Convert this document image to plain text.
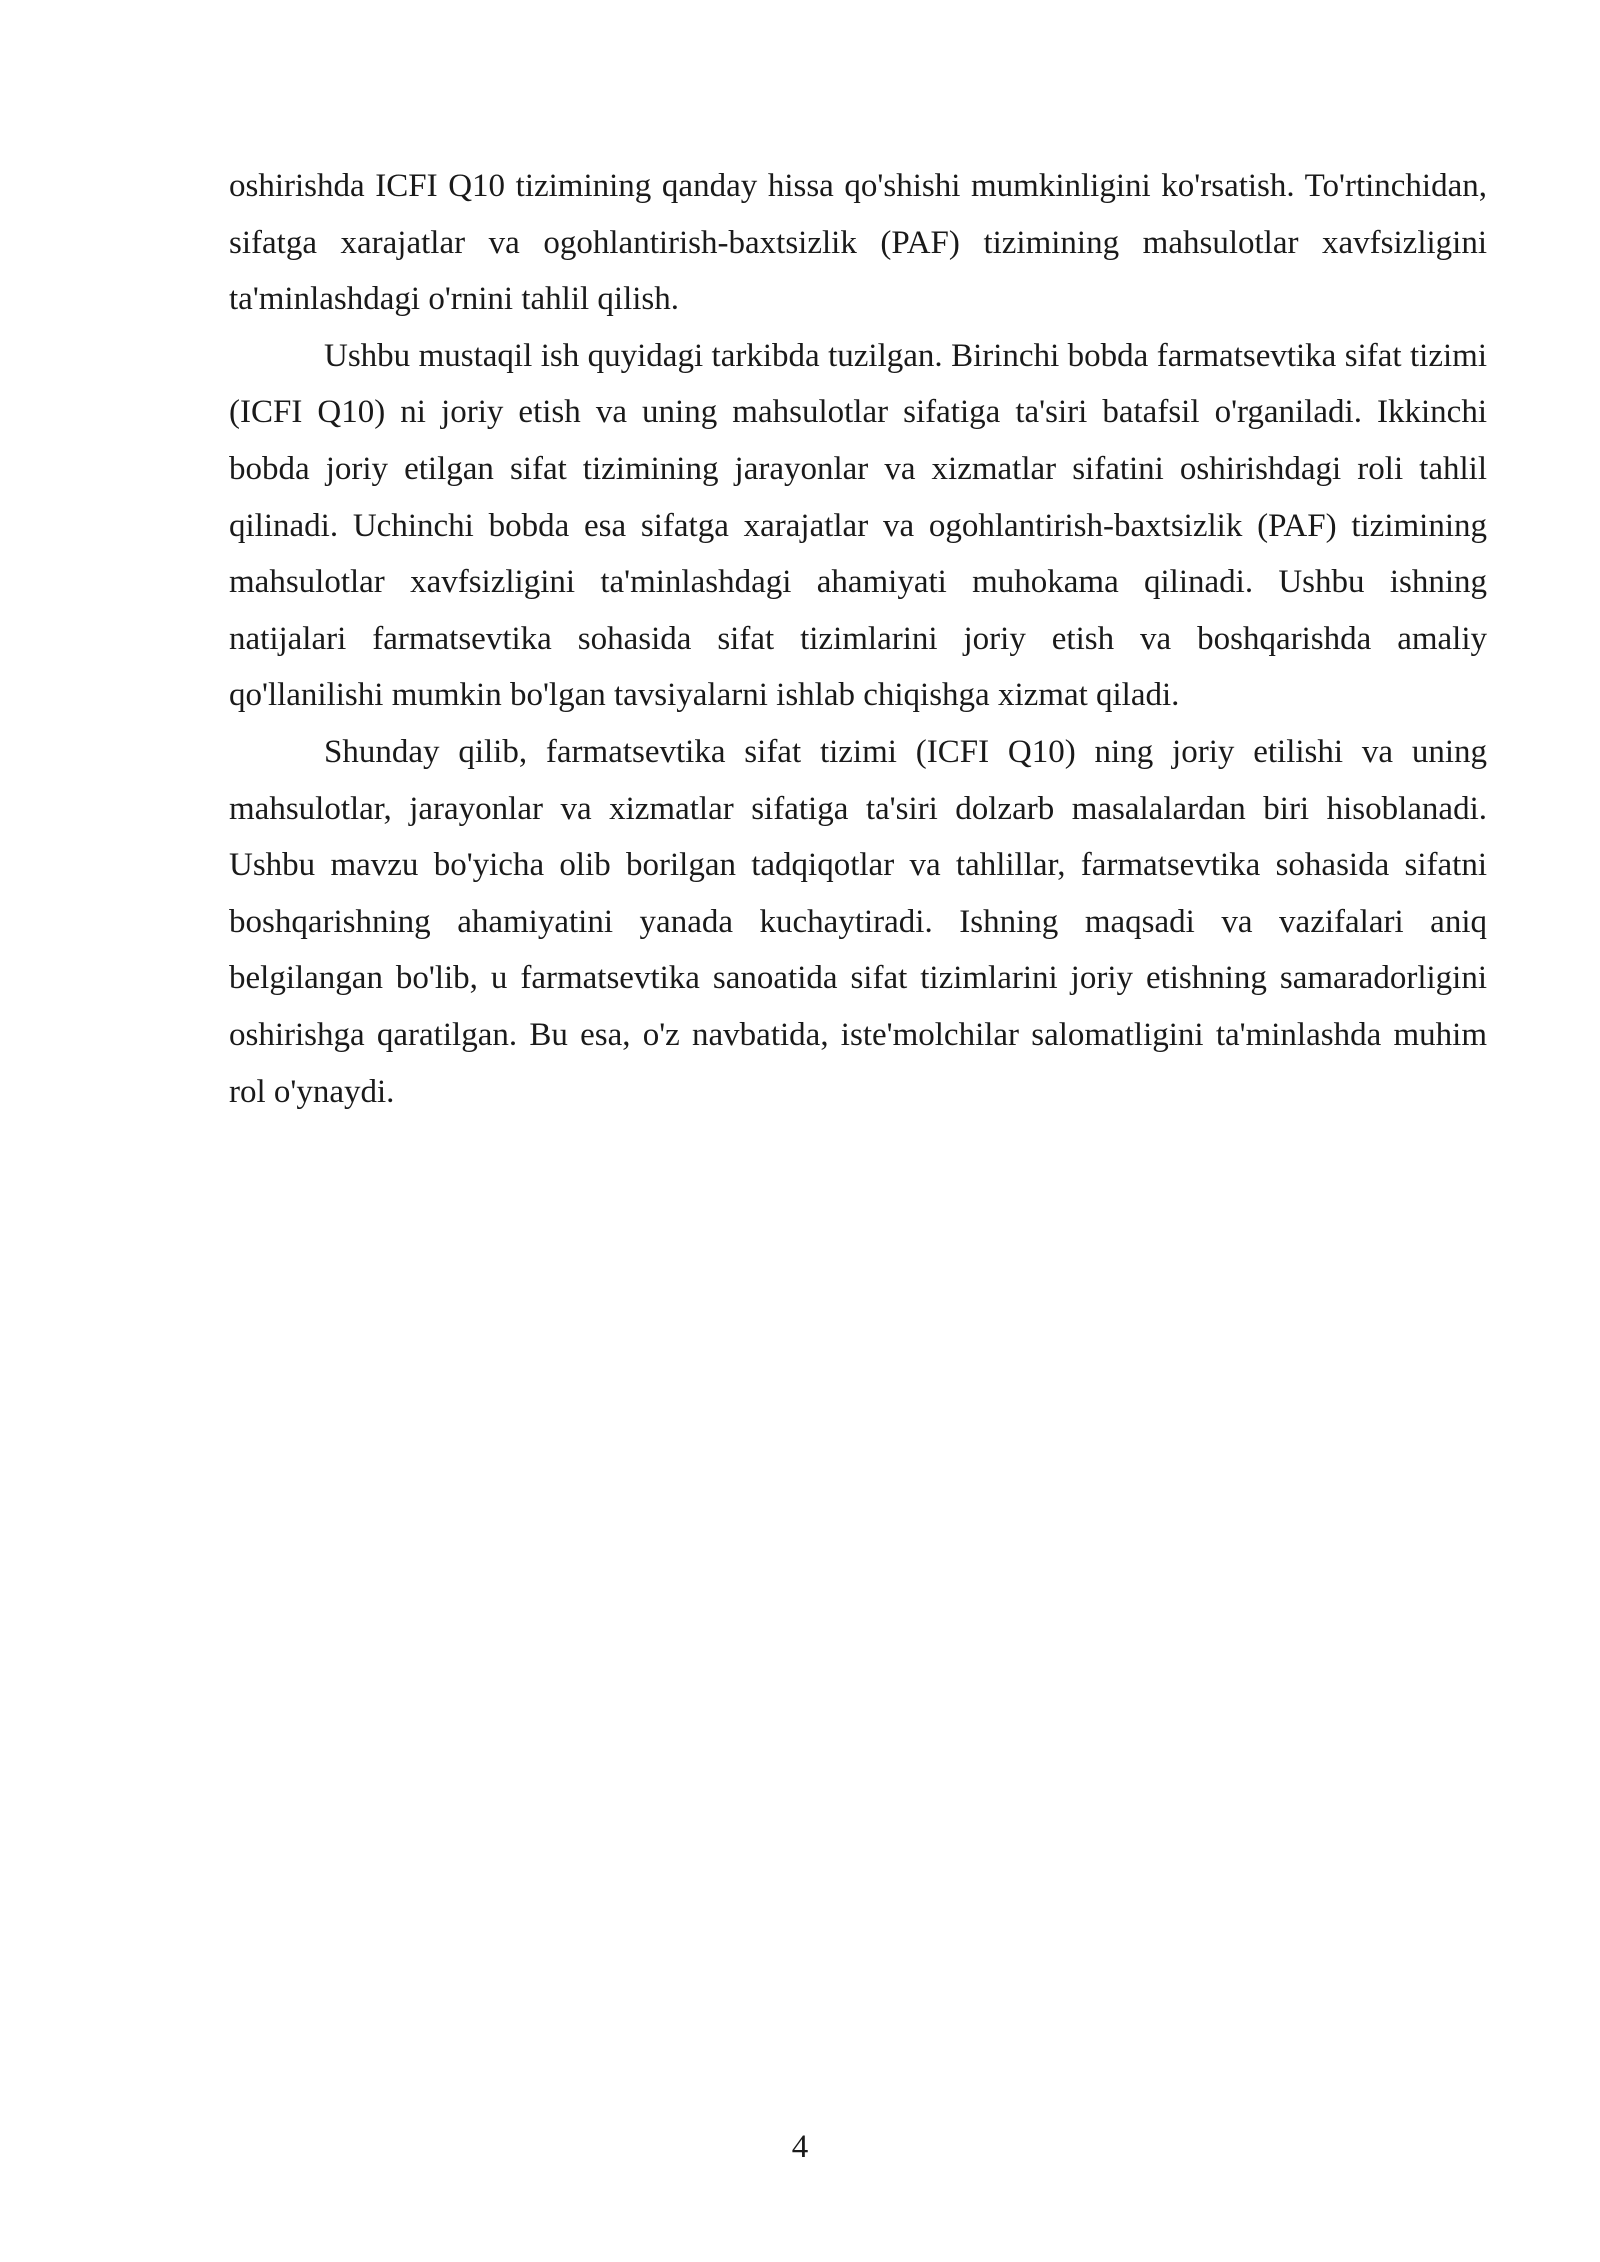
oshirishda ICFI Q10 tizimining qanday hissa qo'shishi mumkinligini ko'rsatish. To'rtinchidan, sifatga xarajatlar va ogohlantirish-baxtsizlik (PAF) tizimining mahsulotlar xavfsizligini ta'minlashdagi o'rnini tahlil qilish.

Ushbu mustaqil ish quyidagi tarkibda tuzilgan. Birinchi bobda farmatsevtika sifat tizimi (ICFI Q10) ni joriy etish va uning mahsulotlar sifatiga ta'siri batafsil o'rganiladi. Ikkinchi bobda joriy etilgan sifat tizimining jarayonlar va xizmatlar sifatini oshirishdagi roli tahlil qilinadi. Uchinchi bobda esa sifatga xarajatlar va ogohlantirish-baxtsizlik (PAF) tizimining mahsulotlar xavfsizligini ta'minlashdagi ahamiyati muhokama qilinadi. Ushbu ishning natijalari farmatsevtika sohasida sifat tizimlarini joriy etish va boshqarishda amaliy qo'llanilishi mumkin bo'lgan tavsiyalarni ishlab chiqishga xizmat qiladi.

Shunday qilib, farmatsevtika sifat tizimi (ICFI Q10) ning joriy etilishi va uning mahsulotlar, jarayonlar va xizmatlar sifatiga ta'siri dolzarb masalalardan biri hisoblanadi. Ushbu mavzu bo'yicha olib borilgan tadqiqotlar va tahlillar, farmatsevtika sohasida sifatni boshqarishning ahamiyatini yanada kuchaytiradi. Ishning maqsadi va vazifalari aniq belgilangan bo'lib, u farmatsevtika sanoatida sifat tizimlarini joriy etishning samaradorligini oshirishga qaratilgan. Bu esa, o'z navbatida, iste'molchilar salomatligini ta'minlashda muhim rol o'ynaydi.

4
